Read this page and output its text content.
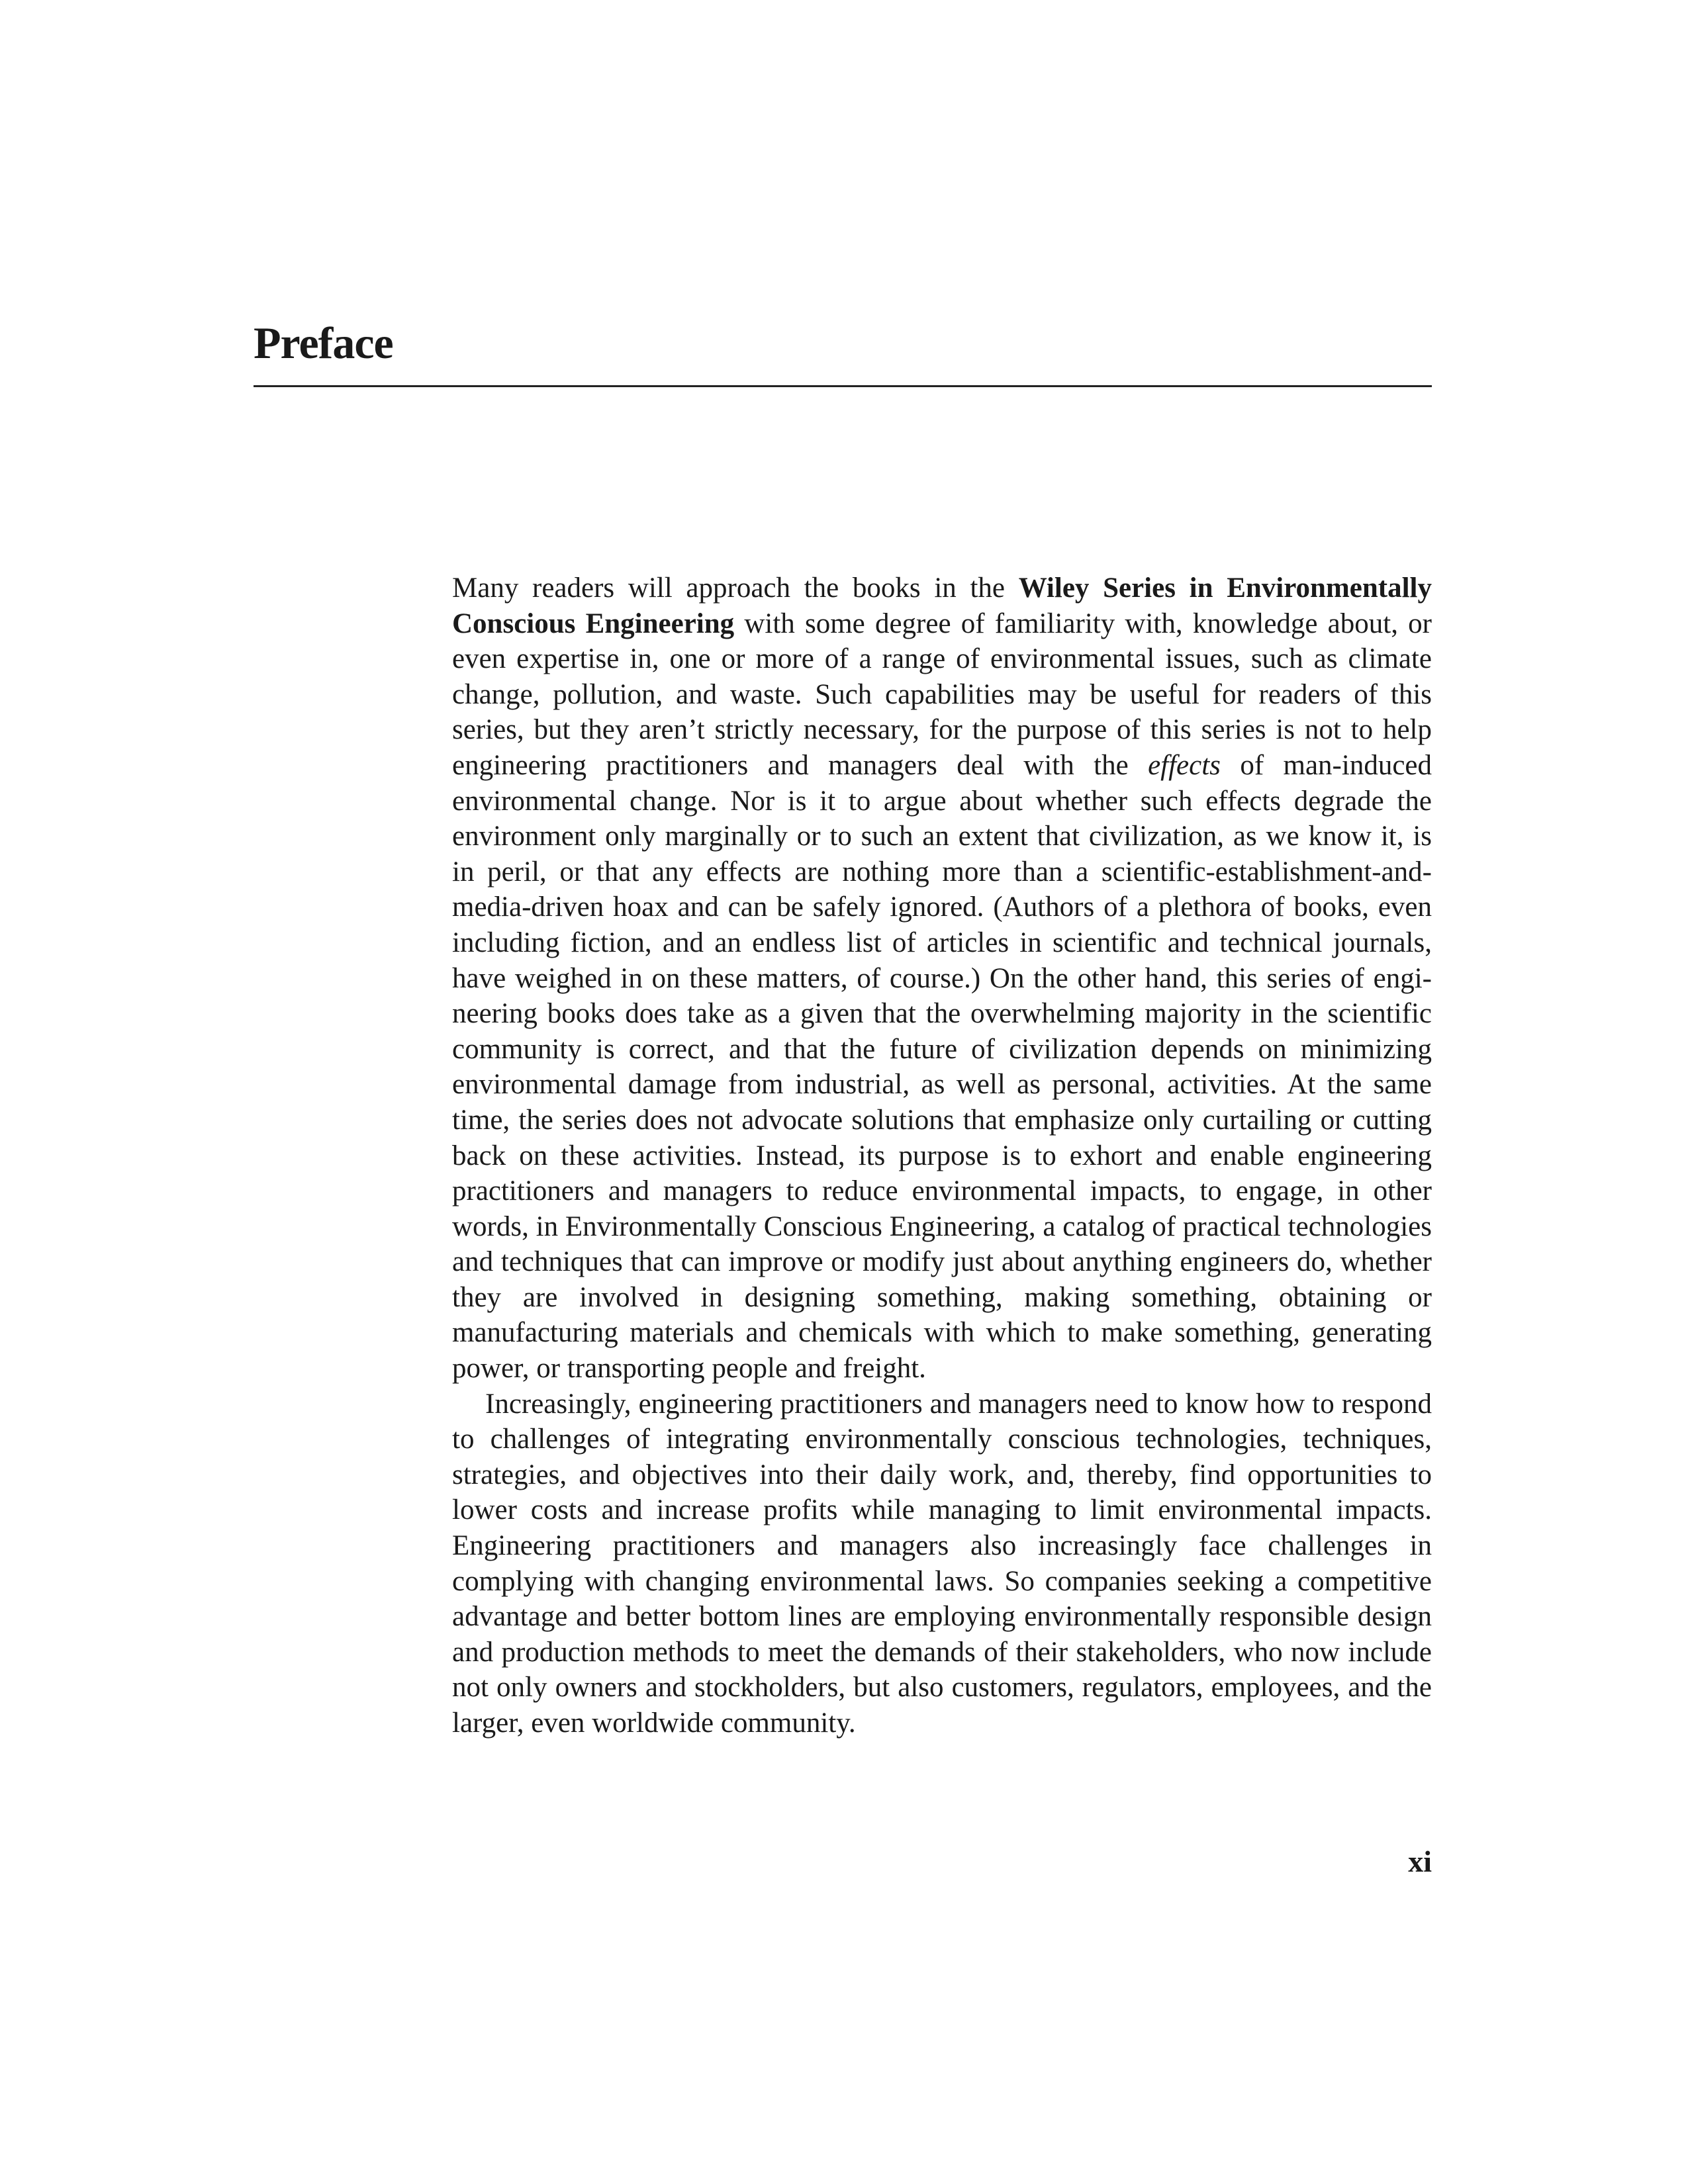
Preface

Many readers will approach the books in the Wiley Series in Environmentally Conscious Engineering with some degree of familiarity with, knowledge about, or even expertise in, one or more of a range of environmental issues, such as climate change, pollution, and waste. Such capabilities may be useful for readers of this series, but they aren’t strictly necessary, for the purpose of this series is not to help engineering practitioners and managers deal with the effects of man-induced environmental change. Nor is it to argue about whether such effects degrade the environment only marginally or to such an extent that civilization, as we know it, is in peril, or that any effects are nothing more than a scientific-establishment-and-media-driven hoax and can be safely ignored. (Authors of a plethora of books, even including fiction, and an endless list of articles in scientific and technical journals, have weighed in on these matters, of course.) On the other hand, this series of engineering books does take as a given that the overwhelming majority in the scientific community is correct, and that the future of civilization depends on minimizing environmental damage from industrial, as well as personal, activities. At the same time, the series does not advocate solutions that emphasize only curtailing or cutting back on these activities. Instead, its purpose is to exhort and enable engineering practitioners and managers to reduce environmental impacts, to engage, in other words, in Environmentally Conscious Engineering, a catalog of practical technologies and techniques that can improve or modify just about anything engineers do, whether they are involved in designing something, making something, obtaining or manufacturing materials and chemicals with which to make something, generating power, or transporting people and freight.

Increasingly, engineering practitioners and managers need to know how to respond to challenges of integrating environmentally conscious technologies, techniques, strategies, and objectives into their daily work, and, thereby, find opportunities to lower costs and increase profits while managing to limit environmental impacts. Engineering practitioners and managers also increasingly face challenges in complying with changing environmental laws. So companies seeking a competitive advantage and better bottom lines are employing environmentally responsible design and production methods to meet the demands of their stakeholders, who now include not only owners and stockholders, but also customers, regulators, employees, and the larger, even worldwide community.

xi
